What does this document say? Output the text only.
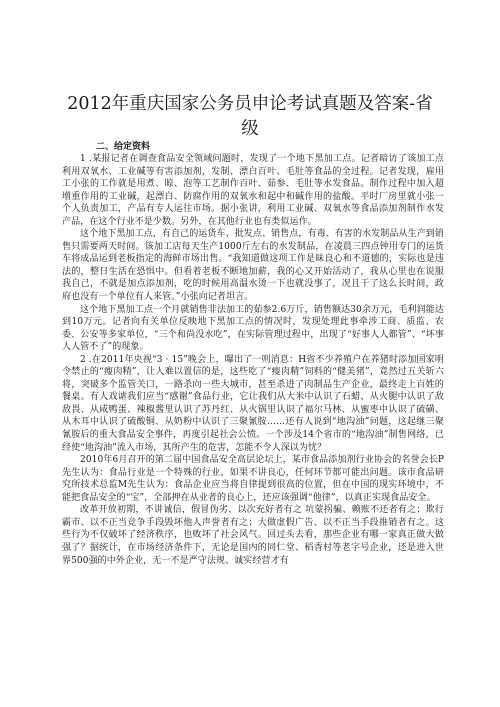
2012年重庆国家公务员申论考试真题及答案-省级
二、给定资料

1 .某报记者在调查食品安全领域问题时，发现了一个地下黑加工点。记者暗访了该加工点利用双氧水、工业碱等有害添加剂，发制、漂白百叶、毛肚等食品的全过程。记者发现，雇用工小张的工作就是用煮、晾、泡等工艺制作百叶、茹参、毛肚等水发食品。制作过程中加入超增重作用的工业碱，起漂白、防腐作用的双氧水和起中和碱作用的盐酸。平时厂房里就小张一个人负责加工，产品有专人运往市场。据小张讲，利用工业碱、双氧水等食品添加剂制作水发产品，在这个行业不是少数。另外，在其他行业也有类似运作。

这个地下黑加工点，有自己的运货车、批发点、销售点，有毒、有害的水发制品从生产到销售只需要两天时间。该加工店每天生产1000斤左右的水发制品，在凌晨三四点钟用专门的运货车将成品运到老板指定的海鲜市场出售。“我知道做这项工作是昧良心和不道德的，实际也是违法的，整日生活在恐惧中。但看着老板不断地加薪，我的心又开始活动了，我从心里也在说服我自己，不就是加点添加剂，吃的时候用高温水烫一下也就没事了，况且干了这么长时间，政府也没有一个单位有人来管。”小张向记者坦言。

这个地下黑加工点一个月就销售非法加工的茹参2.6万斤，销售额达30余万元，毛利润能达到10万元。记者向有关单位反映地下黑加工点的情况时，发现处理此事牵涉工商、质监、农委、公安等多家单位，“三个和尚没水吃”，在实际管理过程中，出现了“好事人人都管”、“坏事人人管不了”的现象。

2 .在2011年央视“3 · 15”晚会上，曝出了一则消息：H省不少养殖户在养猪时添加国家明令禁止的“瘦肉精”，让人难以置信的是，这些吃了“瘦肉精”饲料的“健美猪”，竟然过五关斩六将，突破多个监管关口，一路杀向一些大城市，甚至杀进了肉制品生产企业，最终走上百姓的餐桌。有人戏谑我们应当“感谢”食品行业，它让我们从大米中认识了石蜡、从火腿中认识了敌敌畏、从咸鸭蛋、辣椒酱里认识了苏丹红、从火锅里认识了福尔马林、从蜜枣中认识了硫磺、从木耳中认识了硫酸铜、从奶粉中认识了三聚氰胺……还有人说到“地沟油”问题，这起继三聚氰胺后的重大食品安全事件，再度引起社会公愤。一个涉及14个省市的“地沟油”制售网络，已经使“地沟油”流入市场，其所产生的危害，怎能不令人深以为忧？

2010年6月召开的第二届中国食品安全高层论坛上，某市食品添加剂行业协会的名誉会长P先生认为：食品行业是一个特殊的行业，如果不讲良心，任何环节都可能出问题。该市食品研究所技术总监M先生认为：食品企业应当将自律提到很高的位置，但在中国的现实环境中，不能把食品安全的“宝”，全部押在从业者的良心上，还应该强调“他律”，以真正实现食品安全。

改革开放初期，不讲诚信，假冒伪劣、以次充好者有之 坑蒙拐骗、赖账不还者有之；欺行霸市、以不正当竞争手段毁坏他人声誉者有之；大做虚假广告、以不正当手段推销者有之。这些行为不仅破坏了经济秩序，也败坏了社会风气。回过头去看，那些企业有哪一家真正做大做强了？据统计，在市场经济条件下，无论是国内的同仁堂、稻香村等老字号企业，还是进入世界500强的中外企业，无一不是严守法规、诚实经营才有
